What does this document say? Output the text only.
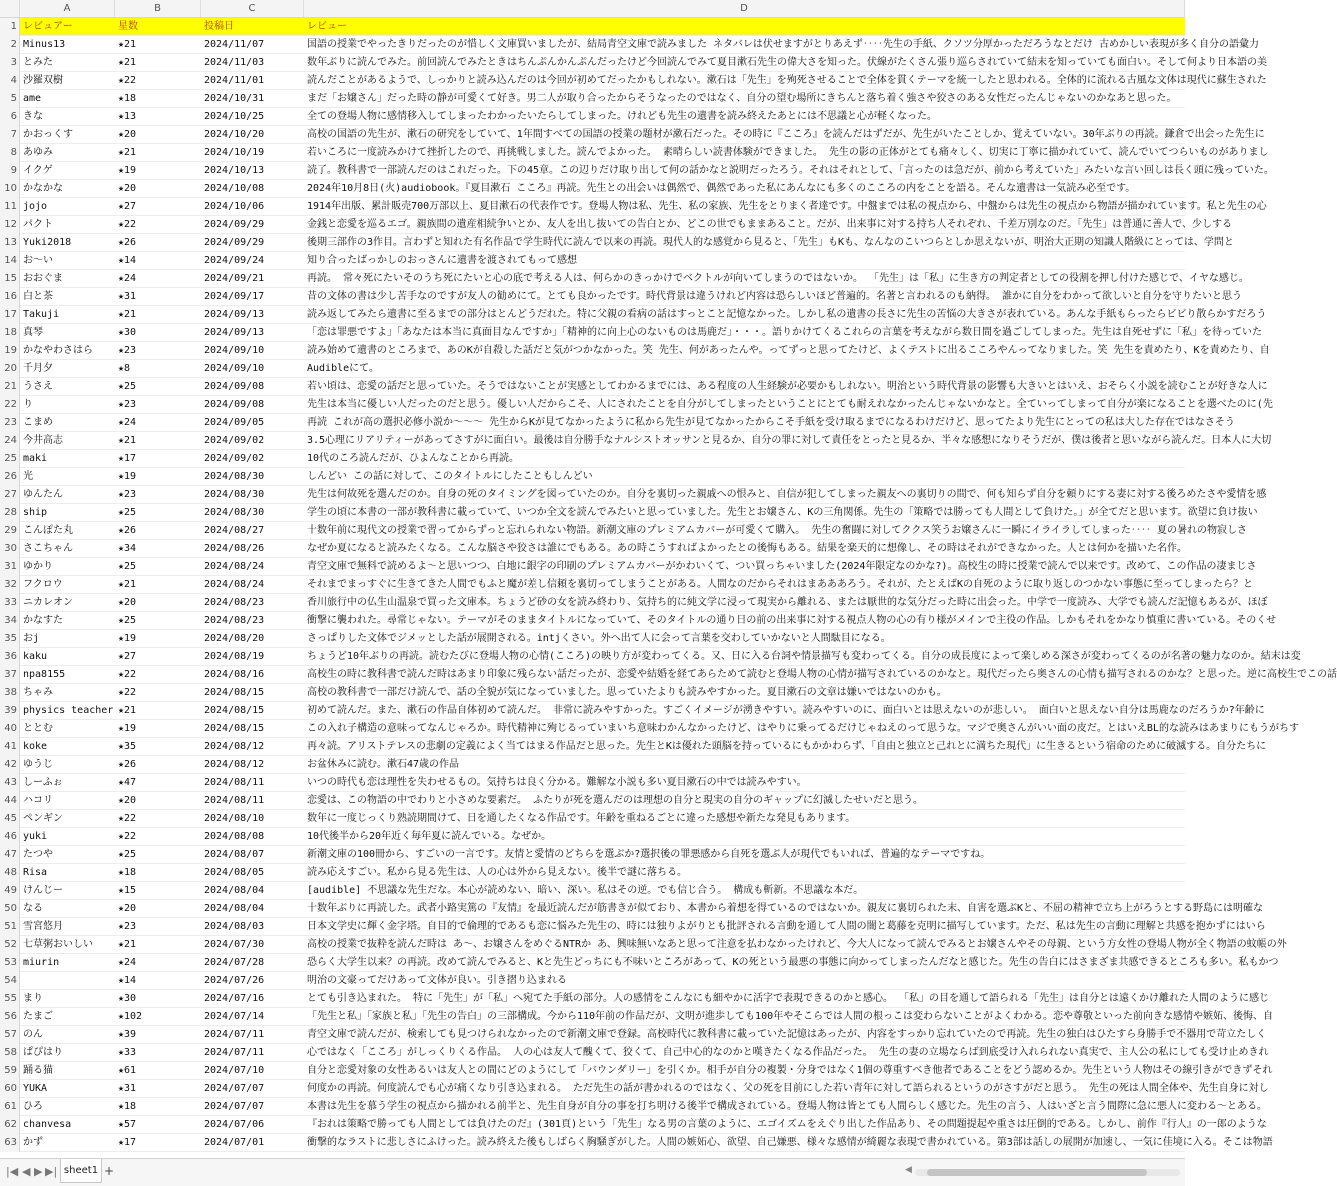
A	B	C	D
1 レビュアー	星数	投稿日	レビュー
2 Minus13	★21	2024/11/07	国語の授業でやったきりだったのが惜しく文庫買いましたが、結局青空文庫で読みました ネタバレは伏せますがとりあえず‥‥先生の手紙、クソツ分厚かっただろうなとだけ 古めかしい表現が多く自分の語彙力
3 とみた	★21	2024/11/03	数年ぶりに読んでみた。前回読んでみたときはちんぷんかんぷんだったけど今回読んでみて夏目漱石先生の偉大さを知った。伏線がたくさん張り巡らされていて結末を知っていても面白い。そして何より日本語の美
4 沙羅双樹	★22	2024/11/01	読んだことがあるようで、しっかりと読み込んだのは今回が初めてだったかもしれない。漱石は「先生」を殉死させることで全体を貫くテーマを統一したと思われる。全体的に流れる古風な文体は現代に蘇生された
5 ame	★18	2024/10/31	まだ「お嬢さん」だった時の静が可愛くて好き。男二人が取り合ったからそうなったのではなく、自分の望む場所にきちんと落ち着く強さや狡さのある女性だったんじゃないのかなあと思った。
6 きな	★13	2024/10/25	全ての登場人物に感情移入してしまったわかったいたらしてしまった。けれども先生の遺書を読み終えたあとには不思議と心が軽くなった。
7 かおっくす	★20	2024/10/20	高校の国語の先生が、漱石の研究をしていて、1年間すべての国語の授業の題材が漱石だった。その時に『こころ』を読んだはずだが、先生がいたことしか、覚えていない。30年ぶりの再読。鎌倉で出会った先生に
8 あゆみ	★21	2024/10/19	若いころに一度読みかけて挫折したので、再挑戦しました。読んでよかった。 素晴らしい読書体験ができました。 先生の影の正体がとても痛々しく、切実に丁寧に描かれていて、読んでいてつらいものがありまし
9 イクゲ	★19	2024/10/13	読了。教科書で一部読んだのはこれだった。下の45章。この辺りだけ取り出して何の話かなと説明だったろう。それはそれとして、「言ったのは急だが、前から考えていた」みたいな言い回しは長く頭に残っていた。
10 かなかな	★20	2024/10/08	2024年10月8日(火)audiobook。『夏目漱石 こころ』再読。先生との出会いは偶然で、偶然であった私にあんなにも多くのこころの内をことを語る。そんな遺書は一気読み必至です。
11 jojo	★27	2024/10/06	1914年出版、累計販売700万部以上、夏目漱石の代表作です。登場人物は私、先生、私の家族、先生をとりまく者達です。中盤までは私の視点から、中盤からは先生の視点から物語が描かれています。私と先生の心
12 パクト	★22	2024/09/29	金銭と恋愛を巡るエゴ。親族間の遺産相続争いとか、友人を出し抜いての告白とか、どこの世でもままあること。だが、出来事に対する持ち人それぞれ、千差万別なのだ。「先生」は普通に善人で、少しする
13 Yuki2018	★26	2024/09/29	後期三部作の3作目。言わずと知れた有名作品で学生時代に読んで以来の再読。現代人的な感覚から見ると、「先生」もKも、なんなのこいつらとしか思えないが、明治大正期の知識人階級にとっては、学問と
14 お～い	★14	2024/09/24	知り合ったばっかしのおっさんに遺書を渡されてもって感想
15 おおぐま	★24	2024/09/21	再読。 常々死にたいそのうち死にたいと心の底で考える人は、何らかのきっかけでベクトルが向いてしまうのではないか。 「先生」は「私」に生き方の判定者としての役割を押し付けた感じで、イヤな感じ。
16 白と茶	★31	2024/09/17	昔の文体の書は少し苦手なのですが友人の勧めにて。とても良かったです。時代背景は違うけれど内容は恐らしいほど普遍的。名著と言われるのも納得。 誰かに自分をわかって欲しいと自分を守りたいと思う
17 Takuji	★21	2024/09/13	読み返してみたら遺書に至るまでの部分はとんどうだれた。特に父親の看病の話はすっとこと記憶なかった。しかし私の遺書の長さに先生の苦悩の大きさが表れている。あんな手紙もらったらビビり散らかすだろう
18 真琴	★30	2024/09/13	「恋は罪悪ですよ」「あなたは本当に真面目なんですか」「精神的に向上心のないものは馬鹿だ」・・・。語りかけてくるこれらの言葉を考えながら数日間を過ごしてしまった。先生は自死せずに「私」を待っていた
19 かなやわさはら	★23	2024/09/10	読み始めて遺書のところまで、あのKが自殺した話だと気がつかなかった。笑 先生、何があったんや。ってずっと思ってたけど、よくテストに出るこころやんってなりました。笑 先生を責めたり、Kを責めたり、自
20 千月夕	★8	2024/09/10	Audibleにて。
21 うさえ	★25	2024/09/08	若い頃は、恋愛の話だと思っていた。そうではないことが実感としてわかるまでには、ある程度の人生経験が必要かもしれない。明治という時代背景の影響も大きいとはいえ、おそらく小説を読むことが好きな人に
22 り	★23	2024/09/08	先生は本当に優しい人だったのだと思う。優しい人だからこそ、人にされたことを自分がしてしまったということにとても耐えれなかったんじゃないかなと。全ていってしまって自分が楽になることを選べたのに(先
23 こまめ	★24	2024/09/05	再読 これが高の選択必修小説か～～～ 先生からKが見てなかったように私から先生が見てなかったからこそ手紙を受け取るまでになるわけだけど、思ってたより先生にとっての私は大した存在ではなさそう
24 今井高志	★21	2024/09/02	3.5心理にリアリティーがあってさすがに面白い。最後は自分勝手なナルシストオッサンと見るか、自分の罪に対して責任をとったと見るか、半々な感想になりそうだが、僕は後者と思いながら読んだ。日本人に大切
25 maki	★17	2024/09/02	10代のころ読んだが、ひよんなことから再読。
26 光	★19	2024/08/30	しんどい この話に対して、このタイトルにしたこともしんどい
27 ゆんたん	★23	2024/08/30	先生は何故死を選んだのか。自身の死のタイミングを図っていたのか。自分を裏切った親戚への恨みと、自信が犯してしまった親友への裏切りの間で、何も知らず自分を頼りにする妻に対する後ろめたさや愛情を感
28 ship	★25	2024/08/30	学生の頃に本書の一部が教科書に載っていて、いつか全文を読んでみたいと思っていました。先生とお嬢さん、Kの三角関係。先生の「策略では勝っても人間として負けた。」が全てだと思います。欲望に負け抜い
29 こんぽた丸	★26	2024/08/27	十数年前に現代文の授業で習ってからずっと忘れられない物語。新潮文庫のプレミアムカバーが可愛くて購入。 先生の奮闘に対してククス笑うお嬢さんに一瞬にイライラしてしまった‥‥ 夏の暑れの物寂しさ
30 さこちゃん	★34	2024/08/26	なぜか夏になると読みたくなる。こんな脳さや狡さは誰にでもある。あの時こうすればよかったとの後悔もある。結果を楽天的に想像し、その時はそれができなかった。人とは何かを描いた名作。
31 ゆかり	★25	2024/08/24	青空文庫で無料で読めるよ～と思いつつ、白地に銀字の印刷のプレミアムカバーがかわいくて、つい買っちゃいました(2024年限定なのかな?)。高校生の時に授業で読んで以来です。改めて、この作品の凄まじさ
32 フクロウ	★21	2024/08/24	それまでまっすぐに生きてきた人間でもふと魔が差し信頼を裏切ってしまうことがある。人間なのだからそれはまあああろう。それが、たとえばKの自死のように取り返しのつかない事態に至ってしまったら？と
33 ニカレオン	★20	2024/08/23	香川旅行中の仏生山温泉で買った文庫本。ちょうど砂の女を読み終わり、気持ち的に純文学に浸って現実から離れる、または厭世的な気分だった時に出会った。中学で一度読み、大学でも読んだ記憶もあるが、ほぼ
34 かなすた	★25	2024/08/23	衝撃に襲われた。尋常じゃない。テーマがそのままタイトルになっていて、そのタイトルの通り日の前の出来事に対する視点人物の心の有り様がメインで主役の作品。しかもそれをかなり慎重に書いている。そのくせ
35 おj	★19	2024/08/20	さっぱりした文体でジメッとした話が展開される。intjくさい。外へ出て人に会って言葉を交わしていかないと人間駄目になる。
36 kaku	★27	2024/08/19	ちょうど10年ぶりの再読。読むたびに登場人物の心情(こころ)の映り方が変わってくる。又、日に入る台詞や情景描写も変わってくる。自分の成長度によって楽しめる深さが変わってくるのが名著の魅力なのか。結末は変
37 npa8155	★22	2024/08/16	高校生の時に教科書で読んだ時はあまり印象に残らない話だったが、恋愛や結婚を経てあらためて読むと登場人物の心情が描写されているのかなと。現代だったら奥さんの心情も描写されるのかな？と思った。逆に高校生でこの話
38 ちゃみ	★22	2024/08/15	高校の教科書で一部だけ読んで、話の全貌が気になっていました。思っていたよりも読みやすかった。夏目漱石の文章は嫌いではないのかも。
39 physics teacher ★21	2024/08/15	初めて読んだ。また、漱石の作品自体初めて読んだ。 非常に読みやすかった。すごくイメージが湧きやすい。読みやすいのに、面白いとは思えないのが悲しい。 面白いと思えない自分は馬鹿なのだろうか?年齢に
40 ととむ	★19	2024/08/15	この入れ子構造の意味ってなんじゃろか。時代精神に殉じるっていまいち意味わかんなかったけど、はやりに乗ってるだけじゃねえのって思うな。マジで奥さんがいい面の皮だ。とはいえBL的な読みはあまりにもうがちす
41 koke	★35	2024/08/12	再々読。アリストテレスの悲劇の定義によく当てはまる作品だと思った。先生とKは優れた頭脳を持っているにもかかわらず、「自由と独立と己れとに満ちた現代」に生きるという宿命のために破滅する。自分たちに
42 ゆうじ	★26	2024/08/12	お盆休みに読む。漱石47歳の作品
43 しーふぉ	★47	2024/08/11	いつの時代も恋は理性を失わせるもの。気持ちは良く分かる。難解な小説も多い夏目漱石の中では読みやすい。
44 ハコリ	★20	2024/08/11	恋愛は、この物語の中でわりと小さめな要素だ。 ふたりが死を選んだのは理想の自分と現実の自分のギャップに幻滅したせいだと思う。
45 ペンギン	★22	2024/08/10	数年に一度じっくり熟読期間けて、日を通したくなる作品です。年齢を重ねるごとに違った感想や新たな発見もあります。
46 yuki	★22	2024/08/08	10代後半から20年近く毎年夏に読んでいる。なぜか。
47 たつや	★25	2024/08/07	新潮文庫の100冊から、すごいの一言です。友情と愛情のどちらを選ぶか?選択後の罪悪感から自死を選ぶ人が現代でもいれば、普遍的なテーマですね。
48 Risa	★18	2024/08/05	読み応えすごい。私から見る先生は、人の心は外から見えない。後半で謎に落ちる。
49 けんじー	★15	2024/08/04	[audible] 不思議な先生だな。本心が読めない、暗い、深い。私はその逆。でも信じ合う。 構成も斬新。不思議な本だ。
50 なる	★20	2024/08/04	十数年ぶりに再読した。武者小路実篤の『友情』を最近読んだが筋書きが似ており、本書から着想を得ているのではないか。親友に裏切られた末、自害を選ぶKと、不屈の精神で立ち上がろうとする野島には明確な
51 雪宮悠月	★23	2024/08/03	日本文学史に輝く金字塔。自目的で倫理的であるも恋に悩みた先生の、時には独りよがりとも批評される言動を通して人間の闇と葛藤を克明に描写しています。ただ、私は先生の言動に理解と共感を抱かずにはいら
52 七草粥おいしい	★21	2024/07/30	高校の授業で抜粋を読んだ時は あ～、お嬢さんをめぐるNTRか あ、興味無いなあと思って注意を払わなかったけれど、今大人になって読んでみるとお嬢さんやその母親、という方女性の登場人物が全く物語の蚊帳の外
53 miurin	★24	2024/07/28	恐らく大学生以来？の再読。改めて読んでみると、Kと先生どっちにも不味いところがあって、Kの死という最悪の事態に向かってしまったんだなと感じた。先生の告白にはさまざま共感できるところも多い。私もかつ
54	★14	2024/07/26	明治の文豪ってだけあって文体が良い。引き摺り込まれる
55 まり	★30	2024/07/16	とても引き込まれた。 特に「先生」が「私」へ宛てた手紙の部分。人の感情をこんなにも細やかに活字で表現できるのかと感心。 「私」の目を通して語られる「先生」は自分とは遠くかけ離れた人間のように感じ
56 たまご	★102	2024/07/14	「先生と私」「家族と私」「先生の告白」の三部構成。今から110年前の作品だが、文明が進歩しても100年やそこらでは人間の根っこは変わらないことがよくわかる。恋や尊敬といった前向きな感情や嫉妬、後悔、自
57 のん	★39	2024/07/11	青空文庫で読んだが、検索しても見つけられなかったので新潮文庫で登録。高校時代に教科書に載っていた記憶はあったが、内容をすっかり忘れていたので再読。先生の独白はひたすら身勝手で不器用で苛立たしく
58 ぱぴはり	★33	2024/07/11	心ではなく「こころ」がしっくりくる作品。 人の心は友人て醜くて、狡くて、自己中心的なのかと嘆きたくなる作品だった。 先生の妻の立場ならば到底受け入れられない真実で、主人公の私にしても受け止めきれ
59 踊る猫	★61	2024/07/10	自分と恋愛対象の女性あるいは友人との間にどのようにして「バウンダリー」を引くか。相手が自分の複製・分身ではなく1個の尊重すべき他者であることをどう認めるか。先生という人物はその線引きができずそれ
60 YUKA	★31	2024/07/07	何度かの再読。何度読んでも心が痛くなり引き込まれる。 ただ先生の話が書かれるのではなく、父の死を目前にした若い青年に対して語られるというのがさすがだと思う。 先生の死は人間全体や、先生自身に対し
61 ひろ	★18	2024/07/07	本書は先生を慕う学生の視点から描かれる前半と、先生自身が自分の事を打ち明ける後半で構成されている。登場人物は皆とても人間らしく感じた。先生の言う、人はいざと言う間際に急に悪人に変わる～とある。
62 chanvesa	★57	2024/07/06	『おれは策略で勝っても人間としては負けたのだ』(301頁)という「先生」なる男の言葉のように、エゴイズムをえぐり出した作品あり、その問題提起や重さは圧倒的である。しかし、前作『行人』の一郎のような
63 かず	★17	2024/07/01	衝撃的なラストに悲しさにふけった。読み終えた後もしばらく胸騒ぎがした。人間の嫉妬心、欲望、自己嫌悪、様々な感情が綺麗な表現で書かれている。第3部は話しの展開が加速し、一気に佳境に入る。そこは物語
|◀ ◀ ▶ ▶| sheet1 +	◀
